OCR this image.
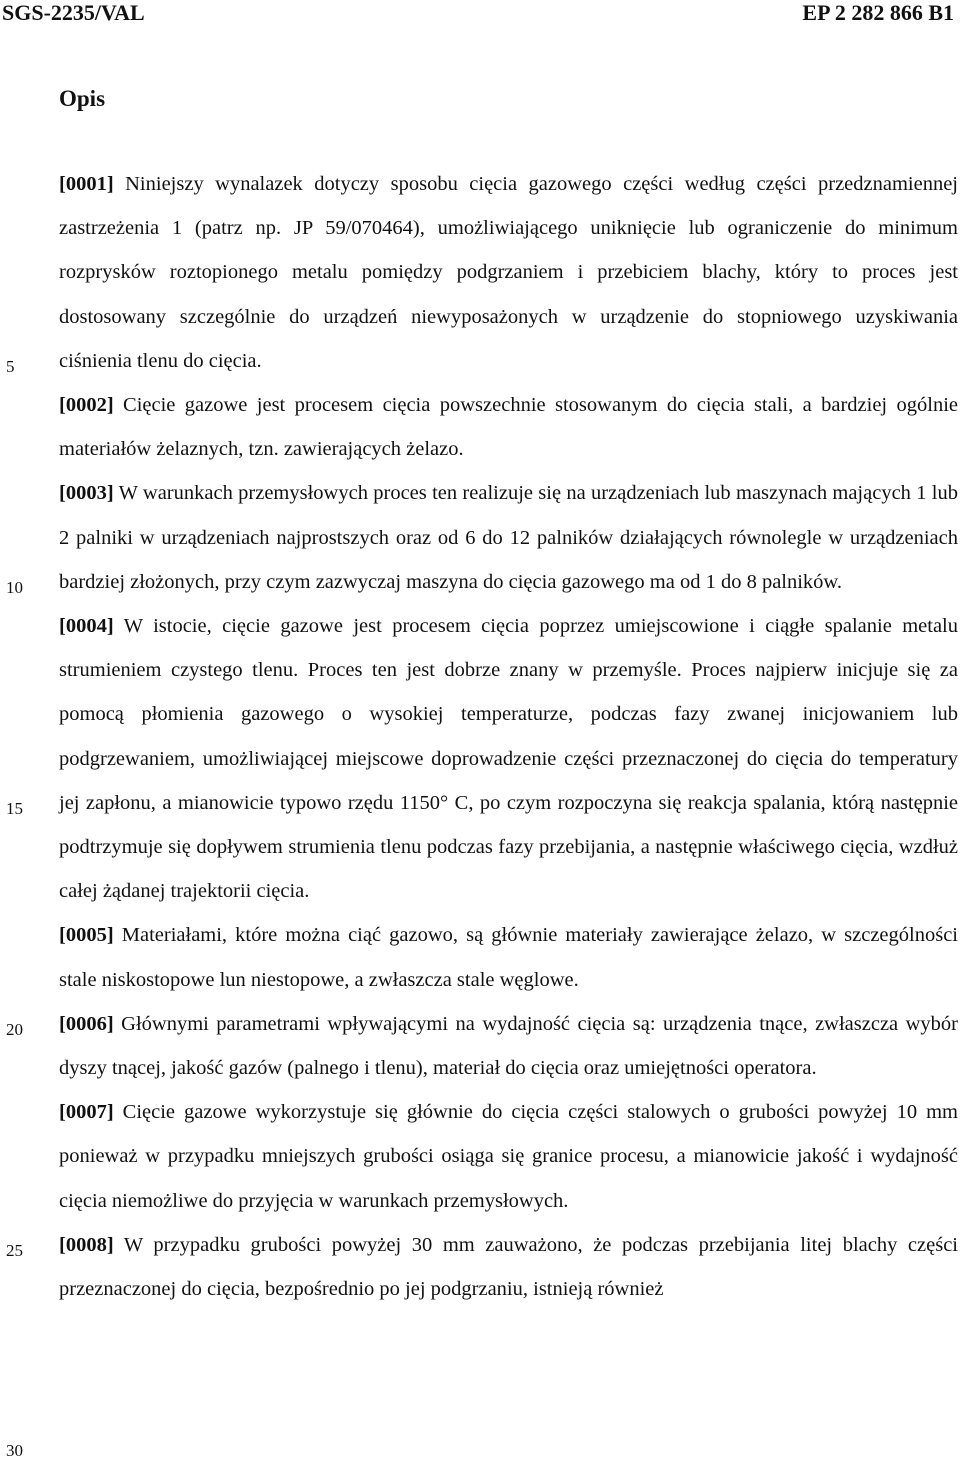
SGS-2235/VAL	EP 2 282 866 B1
Opis
5
10
15
20
25
30

[0001] Niniejszy wynalazek dotyczy sposobu cięcia gazowego części według części przedznamiennej zastrzeżenia 1 (patrz np. JP 59/070464), umożliwiającego uniknięcie lub ograniczenie do minimum rozprysków roztopionego metalu pomiędzy podgrzaniem i przebiciem blachy, który to proces jest dostosowany szczególnie do urządzeń niewyposażonych w urządzenie do stopniowego uzyskiwania ciśnienia tlenu do cięcia.

[0002] Cięcie gazowe jest procesem cięcia powszechnie stosowanym do cięcia stali, a bardziej ogólnie materiałów żelaznych, tzn. zawierających żelazo.

[0003] W warunkach przemysłowych proces ten realizuje się na urządzeniach lub maszynach mających 1 lub 2 palniki w urządzeniach najprostszych oraz od 6 do 12 palników działających równolegle w urządzeniach bardziej złożonych, przy czym zazwyczaj maszyna do cięcia gazowego ma od 1 do 8 palników.

[0004] W istocie, cięcie gazowe jest procesem cięcia poprzez umiejscowione i ciągłe spalanie metalu strumieniem czystego tlenu. Proces ten jest dobrze znany w przemyśle. Proces najpierw inicjuje się za pomocą płomienia gazowego o wysokiej temperaturze, podczas fazy zwanej inicjowaniem lub podgrzewaniem, umożliwiającej miejscowe doprowadzenie części przeznaczonej do cięcia do temperatury jej zapłonu, a mianowicie typowo rzędu 1150° C, po czym rozpoczyna się reakcja spalania, którą następnie podtrzymuje się dopływem strumienia tlenu podczas fazy przebijania, a następnie właściwego cięcia, wzdłuż całej żądanej trajektorii cięcia.

[0005] Materiałami, które można ciąć gazowo, są głównie materiały zawierające żelazo, w szczególności stale niskostopowe lun niestopowe, a zwłaszcza stale węglowe.

[0006] Głównymi parametrami wpływającymi na wydajność cięcia są: urządzenia tnące, zwłaszcza wybór dyszy tnącej, jakość gazów (palnego i tlenu), materiał do cięcia oraz umiejętności operatora.

[0007] Cięcie gazowe wykorzystuje się głównie do cięcia części stalowych o grubości powyżej 10 mm ponieważ w przypadku mniejszych grubości osiąga się granice procesu, a mianowicie jakość i wydajność cięcia niemożliwe do przyjęcia w warunkach przemysłowych.

[0008] W przypadku grubości powyżej 30 mm zauważono, że podczas przebijania litej blachy części przeznaczonej do cięcia, bezpośrednio po jej podgrzaniu, istnieją również
